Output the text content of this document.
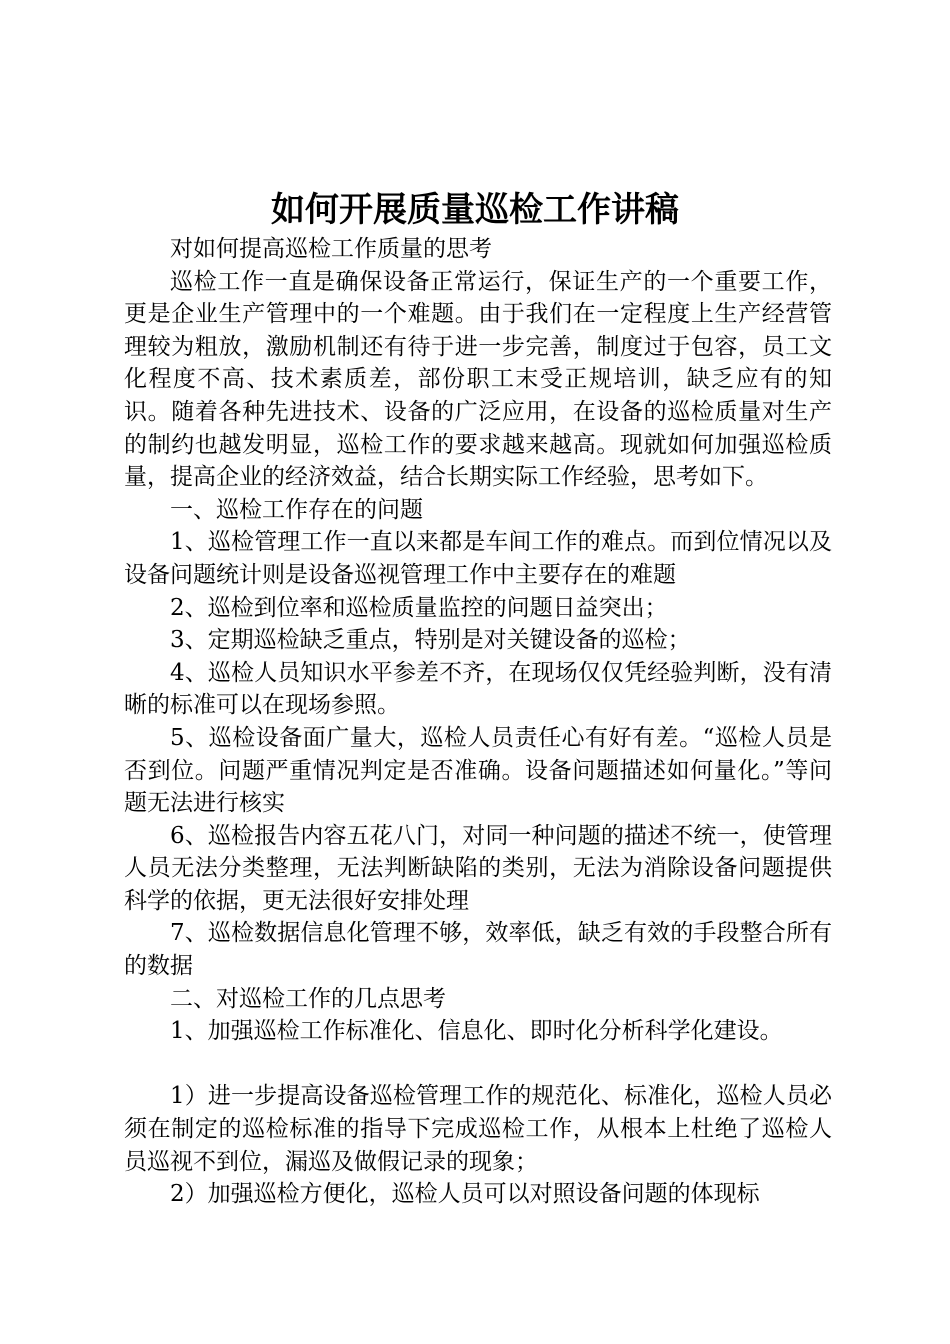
如何开展质量巡检工作讲稿

对如何提高巡检工作质量的思考

巡检工作一直是确保设备正常运行，保证生产的一个重要工作，更是企业生产管理中的一个难题。由于我们在一定程度上生产经营管理较为粗放，激励机制还有待于进一步完善，制度过于包容，员工文化程度不高、技术素质差，部份职工末受正规培训，缺乏应有的知识。随着各种先进技术、设备的广泛应用，在设备的巡检质量对生产的制约也越发明显，巡检工作的要求越来越高。现就如何加强巡检质量，提高企业的经济效益，结合长期实际工作经验，思考如下。

一、巡检工作存在的问题

1、巡检管理工作一直以来都是车间工作的难点。而到位情况以及设备问题统计则是设备巡视管理工作中主要存在的难题

2、巡检到位率和巡检质量监控的问题日益突出；

3、定期巡检缺乏重点，特别是对关键设备的巡检；

4、巡检人员知识水平参差不齐，在现场仅仅凭经验判断，没有清晰的标准可以在现场参照。

5、巡检设备面广量大，巡检人员责任心有好有差。“巡检人员是否到位。问题严重情况判定是否准确。设备问题描述如何量化。”等问题无法进行核实

6、巡检报告内容五花八门，对同一种问题的描述不统一，使管理人员无法分类整理，无法判断缺陷的类别，无法为消除设备问题提供科学的依据，更无法很好安排处理

7、巡检数据信息化管理不够，效率低，缺乏有效的手段整合所有的数据

二、对巡检工作的几点思考

1、加强巡检工作标准化、信息化、即时化分析科学化建设。

1）进一步提高设备巡检管理工作的规范化、标准化，巡检人员必须在制定的巡检标准的指导下完成巡检工作，从根本上杜绝了巡检人员巡视不到位，漏巡及做假记录的现象；

2）加强巡检方便化，巡检人员可以对照设备问题的体现标
